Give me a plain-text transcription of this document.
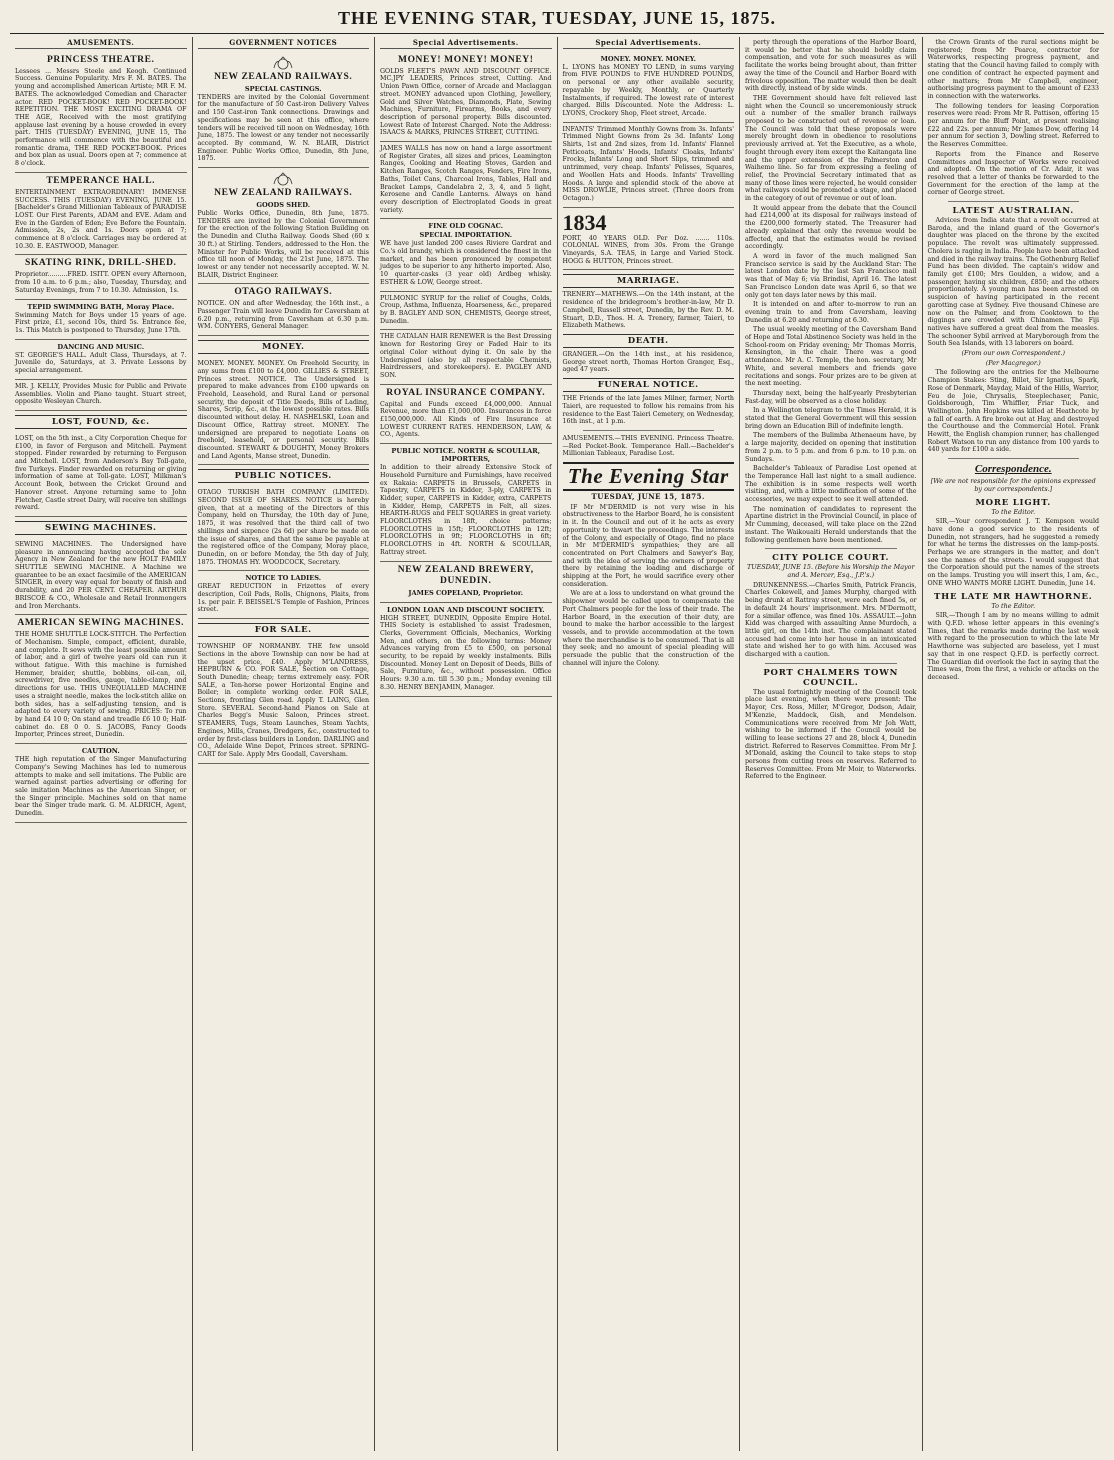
THE EVENING STAR, TUESDAY, JUNE 15, 1875.
AMUSEMENTS.
PRINCESS THEATRE.
Lessees ... Messrs Steele and Keogh. Continued Success. Genuine Popularity. Mrs F. M. BATES. The young and accomplished American Artiste; MR F. M. BATES. The acknowledged Comedian and Character actor. RED POCKET-BOOK! RED POCKET-BOOK! REPETITION. THE MOST EXCITING DRAMA OF THE AGE, Received with the most gratifying applause last evening by a house crowded in every part. THIS (TUESDAY) EVENING, JUNE 15, The performance will commence with the beautiful and romantic drama, THE RED POCKET-BOOK. Prices and box plan as usual. Doors open at 7; commence at 8 o'clock.
TEMPERANCE HALL.
ENTERTAINMENT EXTRAORDINARY! IMMENSE SUCCESS. THIS (TUESDAY) EVENING, JUNE 15. [Bachelder's Grand Millionian Tableaux of PARADISE LOST. Our First Parents, ADAM and EVE. Adam and Eve in the Garden of Eden; Eve Before the Fountain. Admission, 2s, 2s and 1s. Doors open at 7; commence at 8 o'clock. Carriages may be ordered at 10.30. E. EASTWOOD, Manager.
SKATING RINK, DRILL-SHED.
Proprietor..........FRED. ISITT. OPEN every Afternoon, from 10 a.m. to 6 p.m.; also, Tuesday, Thursday, and Saturday Evenings, from 7 to 10.30. Admission, 1s.
TEPID SWIMMING BATH, Moray Place.
Swimming Match for Boys under 15 years of age. First prize, £1, second 10s, third 5s. Entrance fee, 1s. This Match is postponed to Thursday, June 17th.
DANCING AND MUSIC.
ST. GEORGE'S HALL. Adult Class, Thursdays, at 7. Juvenile do, Saturdays, at 3. Private Lessons by special arrangement.
MR. J. KELLY, Provides Music for Public and Private Assemblies. Violin and Piano taught. Stuart street, opposite Wesleyan Church.
LOST, FOUND, &c.
LOST, on the 5th inst., a City Corporation Cheque for £100, in favor of Ferguson and Mitchell. Payment stopped. Finder rewarded by returning to Ferguson and Mitchell. LOST, from Anderson's Bay Toll-gate, five Turkeys. Finder rewarded on returning or giving information of same at Toll-gate. LOST, Milkman's Account Book, between the Cricket Ground and Hanover street. Anyone returning same to John Fletcher, Castle street Dairy, will receive ten shillings reward.
SEWING MACHINES.
SEWING MACHINES. The Undersigned have pleasure in announcing having accepted the sole Agency in New Zealand for the new HOLT FAMILY SHUTTLE SEWING MACHINE. A Machine we guarantee to be an exact facsimile of the AMERICAN SINGER, in every way equal for beauty of finish and durability, and 20 PER CENT. CHEAPER. ARTHUR BRISCOE & CO., Wholesale and Retail Ironmongers and Iron Merchants.
AMERICAN SEWING MACHINES.
THE HOME SHUTTLE LOCK-STITCH. The Perfection of Mechanism. Simple, compact, efficient, durable, and complete. It sews with the least possible amount of labor, and a girl of twelve years old can run it without fatigue. With this machine is furnished Hemmer, braider, shuttle, bobbins, oil-can, oil, screwdriver, five needles, gauge, table-clamp, and directions for use. THIS UNEQUALLED MACHINE uses a straight needle, makes the lock-stitch alike on both sides, has a self-adjusting tension, and is adapted to every variety of sewing. PRICES: To run by hand £4 10 0; On stand and treadle £6 10 0; Half-cabinet do. £8 0 0. S. JACOBS, Fancy Goods Importer, Princes street, Dunedin.
CAUTION.
THE high reputation of the Singer Manufacturing Company's Sewing Machines has led to numerous attempts to make and sell imitations. The Public are warned against parties advertising or offering for sale imitation Machines as the American Singer, or the Singer principle. Machines sold on that name bear the Singer trade mark. G. M. ALDRICH, Agent, Dunedin.
GOVERNMENT NOTICES
NEW ZEALAND RAILWAYS.
SPECIAL CASTINGS.
TENDERS are invited by the Colonial Government for the manufacture of 50 Cast-iron Delivery Valves and 150 Cast-iron Tank connections. Drawings and specifications may be seen at this office, where tenders will be received till noon on Wednesday, 16th June, 1875. The lowest or any tender not necessarily accepted. By command, W. N. BLAIR, District Engineer. Public Works Office, Dunedin, 8th June, 1875.
NEW ZEALAND RAILWAYS.
GOODS SHED.
Public Works Office, Dunedin, 8th June, 1875. TENDERS are invited by the Colonial Government for the erection of the following Station Building on the Dunedin and Clutha Railway. Goods Shed (60 x 30 ft.) at Stirling. Tenders, addressed to the Hon. the Minister for Public Works, will be received at this office till noon of Monday, the 21st June, 1875. The lowest or any tender not necessarily accepted. W. N. BLAIR, District Engineer.
OTAGO RAILWAYS.
NOTICE. ON and after Wednesday, the 16th inst., a Passenger Train will leave Dunedin for Caversham at 6.20 p.m., returning from Caversham at 6.30 p.m. WM. CONYERS, General Manager.
MONEY.
MONEY. MONEY. MONEY. On Freehold Security, in any sums from £100 to £4,000. GILLIES & STREET, Princes street. NOTICE. The Undersigned is prepared to make advances from £100 upwards on Freehold, Leasehold, and Rural Land or personal security, the deposit of Title Deeds, Bills of Lading, Shares, Scrip, &c., at the lowest possible rates. Bills discounted without delay. H. NASHELSKI, Loan and Discount Office, Rattray street. MONEY. The undersigned are prepared to negotiate Loans on freehold, leasehold, or personal security. Bills discounted. STEWART & DOUGHTY, Money Brokers and Land Agents, Manse street, Dunedin.
PUBLIC NOTICES.
OTAGO TURKISH BATH COMPANY (LIMITED). SECOND ISSUE OF SHARES. NOTICE is hereby given, that at a meeting of the Directors of this Company, held on Thursday, the 10th day of June, 1875, it was resolved that the third call of two shillings and sixpence (2s 6d) per share be made on the issue of shares, and that the same be payable at the registered office of the Company, Moray place, Dunedin, on or before Monday, the 5th day of July, 1875. THOMAS HY. WOODCOCK, Secretary.
NOTICE TO LADIES.
GREAT REDUCTION in Frizettes of every description, Coil Pads, Rolls, Chignons, Plaits, from 1s. per pair. F. BEISSEL'S Temple of Fashion, Princes street.
FOR SALE.
TOWNSHIP OF NORMANBY. THE few unsold Sections in the above Township can now be had at the upset price, £40. Apply M'LANDRESS, HEPBURN & CO. FOR SALE, Section on Cottage, South Dunedin; cheap; terms extremely easy. FOR SALE, a Ten-horse power Horizontal Engine and Boiler; in complete working order. FOR SALE, Sections, fronting Glen road. Apply T. LAING, Glen Store. SEVERAL Second-hand Pianos on Sale at Charles Begg's Music Saloon, Princes street. STEAMERS, Tugs, Steam Launches, Steam Yachts, Engines, Mills, Cranes, Dredgers, &c., constructed to order by first-class builders in London. DARLING and CO., Adelaide Wine Depot, Princes street. SPRING-CART for Sale. Apply Mrs Goodall, Caversham.
Special Advertisements.
MONEY! MONEY! MONEY!
GOLDS FLEET'S PAWN AND DISCOUNT OFFICE. MC.JPY LEADERS, Princes street, Cutting. And Union Pawn Office, corner of Arcade and Maclaggan street. MONEY advanced upon Clothing, Jewellery, Gold and Silver Watches, Diamonds, Plate, Sewing Machines, Furniture, Firearms, Books, and every description of personal property. Bills discounted. Lowest Rate of Interest Charged. Note the Address: ISAACS & MARKS, PRINCES STREET, CUTTING.
JAMES WALLS has now on hand a large assortment of Register Grates, all sizes and prices, Leamington Ranges, Cooking and Heating Stoves, Garden and Kitchen Ranges, Scotch Ranges, Fenders, Fire Irons, Baths, Toilet Cans, Charcoal Irons, Tables, Hall and Bracket Lamps, Candelabra 2, 3, 4, and 5 light, Kerosene and Candle Lanterns. Always on hand every description of Electroplated Goods in great variety.
FINE OLD COGNAC.
SPECIAL IMPORTATION.
WE have just landed 200 cases Riviere Gardrat and Co.'s old brandy, which is considered the finest in the market, and has been pronounced by competent judges to be superior to any hitherto imported. Also, 10 quarter-casks (3 year old) Ardbeg whisky. ESTHER & LOW, George street.
PULMONIC SYRUP for the relief of Coughs, Colds, Croup, Asthma, Influenza, Hoarseness, &c., prepared by B. BAGLEY AND SON, CHEMISTS, George street, Dunedin.
THE CATALAN HAIR RENEWER is the Best Dressing known for Restoring Grey or Faded Hair to its original Color without dying it. On sale by the Undersigned (also by all respectable Chemists, Hairdressers, and storekeepers). E. PAGLEY AND SON.
ROYAL INSURANCE COMPANY.
Capital and Funds exceed £4,000,000. Annual Revenue, more than £1,000,000. Insurances in force £150,000,000. All Kinds of Fire Insurance at LOWEST CURRENT RATES. HENDERSON, LAW, & CO., Agents.
PUBLIC NOTICE. NORTH & SCOULLAR, IMPORTERS,
In addition to their already Extensive Stock of Household Furniture and Furnishings, have received ex Rakaia: CARPETS in Brussels, CARPETS in Tapestry, CARPETS in Kidder, 3-ply, CARPETS in Kidder, super, CARPETS in Kidder, extra, CARPETS in Kidder, Hemp, CARPETS in Felt, all sizes. HEARTH-RUGS and FELT SQUARES in great variety. FLOORCLOTHS in 18ft, choice patterns; FLOORCLOTHS in 15ft; FLOORCLOTHS in 12ft; FLOORCLOTHS in 9ft; FLOORCLOTHS in 6ft; FLOORCLOTHS in 4ft. NORTH & SCOULLAR, Rattray street.
NEW ZEALAND BREWERY, DUNEDIN.
JAMES COPELAND, Proprietor.
LONDON LOAN AND DISCOUNT SOCIETY.
HIGH STREET, DUNEDIN, Opposite Empire Hotel. THIS Society is established to assist Tradesmen, Clerks, Government Officials, Mechanics, Working Men, and others, on the following terms: Money Advances varying from £5 to £500, on personal security, to be repaid by weekly instalments. Bills Discounted. Money Lent on Deposit of Deeds, Bills of Sale, Furniture, &c., without possession. Office Hours: 9.30 a.m. till 5.30 p.m.; Monday evening till 8.30. HENRY BENJAMIN, Manager.
Special Advertisements.
MONEY. MONEY. MONEY.
L. LYONS has MONEY TO LEND, in sums varying from FIVE POUNDS to FIVE HUNDRED POUNDS, on personal or any other available security, repayable by Weekly, Monthly, or Quarterly Instalments, if required. The lowest rate of interest charged. Bills Discounted. Note the Address: L. LYONS, Crockery Shop, Fleet street, Arcade.
INFANTS' Trimmed Monthly Gowns from 3s. Infants' Trimmed Night Gowns from 2s 3d. Infants' Long Shirts, 1st and 2nd sizes, from 1d. Infants' Flannel Petticoats, Infants' Hoods, Infants' Cloaks, Infants' Frocks, Infants' Long and Short Slips, trimmed and untrimmed, very cheap. Infants' Pelisses, Squares, and Woollen Hats and Hoods. Infants' Travelling Hoods. A large and splendid stock of the above at MISS DROWLIE, Princes street. (Three doors from Octagon.)
1834
PORT, 40 YEARS OLD. Per Doz. ....... 110s. COLONIAL WINES, from 30s. From the Grange Vineyards, S.A. TEAS, in Large and Varied Stock. HOGG & HUTTON, Princes street.
MARRIAGE.
TRENERY—MATHEWS.—On the 14th instant, at the residence of the bridegroom's brother-in-law, Mr D. Campbell, Russell street, Dunedin, by the Rev. D. M. Stuart, D.D., Thos. H. A. Trenery, farmer, Taieri, to Elizabeth Mathews.
DEATH.
GRANGER.—On the 14th inst., at his residence, George street north, Thomas Horton Granger, Esq., aged 47 years.
FUNERAL NOTICE.
THE Friends of the late James Milner, farmer, North Taieri, are requested to follow his remains from his residence to the East Taieri Cemetery, on Wednesday, 16th inst., at 1 p.m.
AMUSEMENTS.—THIS EVENING. Princess Theatre.—Red Pocket-Book. Temperance Hall.—Bachelder's Millionian Tableaux, Paradise Lost.
The Evening Star
TUESDAY, JUNE 15, 1875.
IF Mr M'DERMID is not very wise in his obstructiveness to the Harbor Board, he is consistent in it. In the Council and out of it he acts as every opportunity to thwart the proceedings. The interests of the Colony, and especially of Otago, find no place in Mr M'DERMID's sympathies; they are all concentrated on Port Chalmers and Sawyer's Bay, and with the idea of serving the owners of property there by retaining the loading and discharge of shipping at the Port, he would sacrifice every other consideration.
We are at a loss to understand on what ground the shipowner would be called upon to compensate the Port Chalmers people for the loss of their trade. The Harbor Board, in the execution of their duty, are bound to make the harbor accessible to the largest vessels, and to provide accommodation at the town where the merchandise is to be consumed. That is all they seek; and no amount of special pleading will persuade the public that the construction of the channel will injure the Colony.
perty through the operations of the Harbor Board, it would be better that he should boldly claim compensation, and vote for such measures as will facilitate the works being brought about, than fritter away the time of the Council and Harbor Board with frivolous opposition. The matter would then be dealt with directly, instead of by side winds.
THE Government should have felt relieved last night when the Council so unceremoniously struck out a number of the smaller branch railways proposed to be constructed out of revenue or loan. The Council was told that these proposals were merely brought down in obedience to resolutions previously arrived at. Yet the Executive, as a whole, fought through every item except the Kaitangata line and the upper extension of the Palmerston and Waihemo line. So far from expressing a feeling of relief, the Provincial Secretary intimated that as many of those lines were rejected, he would consider what railways could be promoted a stage, and placed in the category of out of revenue or out of loan.
It would appear from the debate that the Council had £214,000 at its disposal for railways instead of the £200,000 formerly stated. The Treasurer had already explained that only the revenue would be affected, and that the estimates would be revised accordingly.
A word in favor of the much maligned San Francisco service is said by the Auckland Star: The latest London date by the last San Francisco mail was that of May 6; via Brindisi, April 16. The latest San Francisco London date was April 6, so that we only got ten days later news by this mail.
It is intended on and after to-morrow to run an evening train to and from Caversham, leaving Dunedin at 6.20 and returning at 6.30.
The usual weekly meeting of the Caversham Band of Hope and Total Abstinence Society was held in the School-room on Friday evening; Mr Thomas Morris, Kensington, in the chair. There was a good attendance. Mr A. C. Temple, the hon. secretary, Mr White, and several members and friends gave recitations and songs. Four prizes are to be given at the next meeting.
Thursday next, being the half-yearly Presbyterian Fast-day, will be observed as a close holiday.
In a Wellington telegram to the Times Herald, it is stated that the General Government will this session bring down an Education Bill of indefinite length.
The members of the Bulimba Athenaeum have, by a large majority, decided on opening that institution from 2 p.m. to 5 p.m. and from 6 p.m. to 10 p.m. on Sundays.
Bachelder's Tableaux of Paradise Lost opened at the Temperance Hall last night to a small audience. The exhibition is in some respects well worth visiting, and, with a little modification of some of the accessories, we may expect to see it well attended.
The nomination of candidates to represent the Apartine district in the Provincial Council, in place of Mr Cumming, deceased, will take place on the 22nd instant. The Waikouaiti Herald understands that the following gentlemen have been mentioned.
CITY POLICE COURT.
TUESDAY, JUNE 15. (Before his Worship the Mayor and A. Mercer, Esq., J.P.'s.)
DRUNKENNESS.—Charles Smith, Patrick Francis, Charles Cokewell, and James Murphy, charged with being drunk at Rattray street, were each fined 5s, or in default 24 hours' imprisonment. Mrs. M'Dermott, for a similar offence, was fined 10s. ASSAULT.—John Kidd was charged with assaulting Anne Murdoch, a little girl, on the 14th inst. The complainant stated accused had come into her house in an intoxicated state and wished her to go with him. Accused was discharged with a caution.
PORT CHALMERS TOWN COUNCIL.
The usual fortnightly meeting of the Council took place last evening, when there were present: The Mayor, Crs. Ross, Miller, M'Gregor, Dodson, Adair, M'Kenzie, Maddock, Gish, and Mendelson. Communications were received from Mr Joh Watt, wishing to be informed if the Council would be willing to lease sections 27 and 28, block 4, Dunedin district. Referred to Reserves Committee. From Mr J. M'Donald, asking the Council to take steps to stop persons from cutting trees on reserves. Referred to Reserves Committee. From Mr Moir, to Waterworks. Referred to the Engineer.
the Crown Grants of the rural sections might be registered; from Mr Pearce, contractor for Waterworks, respecting progress payment, and stating that the Council having failed to comply with one condition of contract he expected payment and other matters; from Mr Campbell, engineer, authorising progress payment to the amount of £233 in connection with the waterworks.
The following tenders for leasing Corporation reserves were read: From Mr R. Pattison, offering 15 per annum for the Bluff Point, at present realising £22 and 22s. per annum; Mr James Dow, offering 14 per annum for section 3, Dowling street. Referred to the Reserves Committee.
Reports from the Finance and Reserve Committees and Inspector of Works were received and adopted. On the motion of Cr. Adair, it was resolved that a letter of thanks be forwarded to the Government for the erection of the lamp at the corner of George street.
LATEST AUSTRALIAN.
Advices from India state that a revolt occurred at Baroda, and the inland guard of the Governor's daughter was placed on the throne by the excited populace. The revolt was ultimately suppressed. Cholera is raging in India. People have been attacked and died in the railway trains. The Gothenburg Relief Fund has been divided. The captain's widow and family get £100; Mrs Goulden, a widow, and a passenger, having six children, £850; and the others proportionately. A young man has been arrested on suspicion of having participated in the recent garotting case at Sydney. Five thousand Chinese are now on the Palmer, and from Cooktown to the diggings are crowded with Chinamen. The Fiji natives have suffered a great deal from the measles. The schooner Sybil arrived at Maryborough from the South Sea Islands, with 13 laborers on board.
(From our own Correspondent.)
(Per Macgregor.)
The following are the entries for the Melbourne Champion Stakes: Sting, Billet, Sir Ignatius, Spark, Rose of Denmark, Mayday, Maid of the Hills, Warrior, Feu de Joie, Chrysalis, Steeplechaser, Panic, Goldsborough, Tim Whiffler, Friar Tuck, and Wellington. John Hopkins was killed at Heathcote by a fall of earth. A fire broke out at Hay, and destroyed the Courthouse and the Commercial Hotel. Frank Hewitt, the English champion runner, has challenged Robert Watson to run any distance from 100 yards to 440 yards for £100 a side.
Correspondence.
[We are not responsible for the opinions expressed by our correspondents.]
MORE LIGHT.
To the Editor.
SIR,—Your correspondent J. T. Kempson would have done a good service to the residents of Dunedin, not strangers, had he suggested a remedy for what he terms the distresses on the lamp-posts. Perhaps we are strangers in the matter, and don't see the names of the streets. I would suggest that the Corporation should put the names of the streets on the lamps. Trusting you will insert this, I am, &c., ONE WHO WANTS MORE LIGHT. Dunedin, June 14.
THE LATE MR HAWTHORNE.
To the Editor.
SIR,—Though I am by no means willing to admit with Q.F.D. whose letter appears in this evening's Times, that the remarks made during the last week with regard to the prosecution to which the late Mr Hawthorne was subjected are baseless, yet I must say that in one respect Q.F.D. is perfectly correct. The Guardian did overlook the fact in saying that the Times was, from the first, a vehicle or attacks on the deceased.
